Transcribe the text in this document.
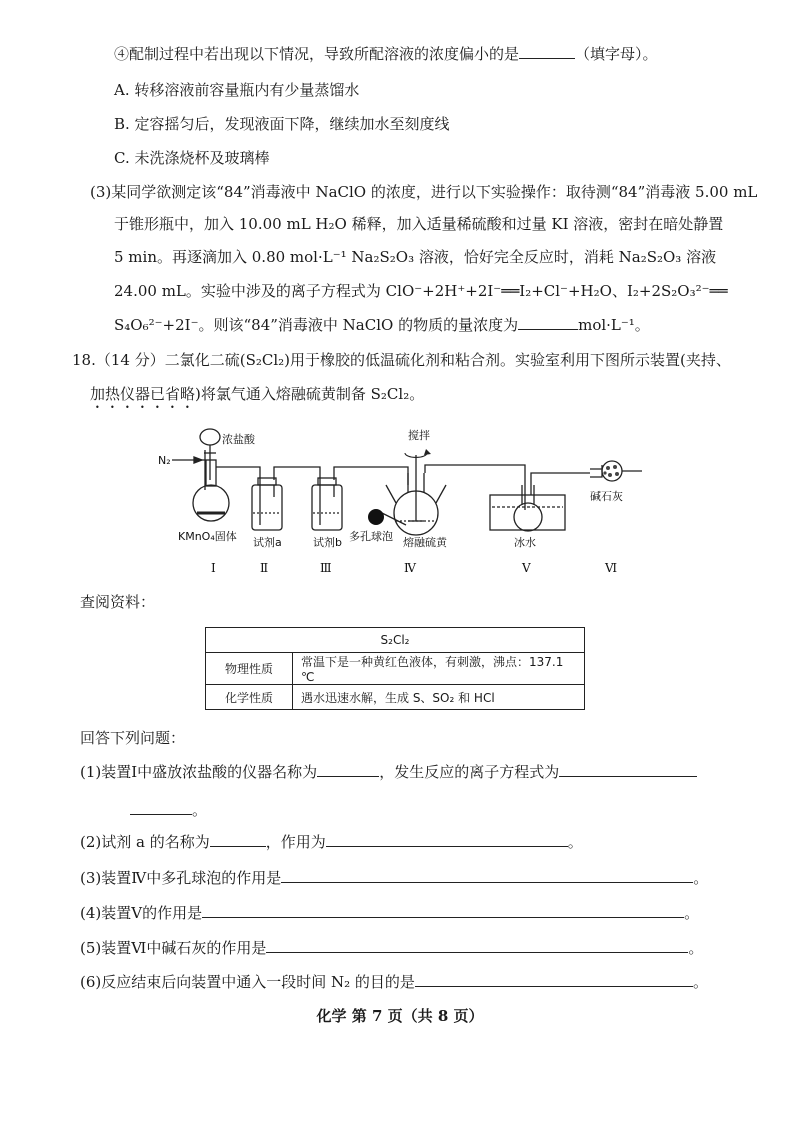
④配制过程中若出现以下情况，导致所配溶液的浓度偏小的是	（填字母）。
A. 转移溶液前容量瓶内有少量蒸馏水
B. 定容摇匀后，发现液面下降，继续加水至刻度线
C. 未洗涤烧杯及玻璃棒
(3)某同学欲测定该“84”消毒液中 NaClO 的浓度，进行以下实验操作：取待测“84”消毒液 5.00 mL
于锥形瓶中，加入 10.00 mL H₂O 稀释，加入适量稀硫酸和过量 KI 溶液，密封在暗处静置
5 min。再逐滴加入 0.80 mol·L⁻¹ Na₂S₂O₃ 溶液，恰好完全反应时，消耗 Na₂S₂O₃ 溶液
24.00 mL。实验中涉及的离子方程式为 ClO⁻+2H⁺+2I⁻══I₂+Cl⁻+H₂O、I₂+2S₂O₃²⁻══
S₄O₆²⁻+2I⁻。则该“84”消毒液中 NaClO 的物质的量浓度为	mol·L⁻¹。
18.（14 分）二氯化二硫(S₂Cl₂)用于橡胶的低温硫化剂和粘合剂。实验室利用下图所示装置(夹持、
加热仪器已省略)将氯气通入熔融硫黄制备 S₂Cl₂。
N₂
浓盐酸
KMnO₄固体 试剂a	试剂b
搅拌
多孔球泡 熔融硫黄	冰水
碱石灰
Ⅰ	Ⅱ	Ⅲ	Ⅳ	Ⅴ	Ⅵ
查阅资料：
S₂Cl₂	
物理性质	常温下是一种黄红色液体，有刺激，沸点：137.1 ℃
化学性质	遇水迅速水解，生成 S、SO₂ 和 HCl
回答下列问题：
(1)装置Ⅰ中盛放浓盐酸的仪器名称为	，发生反应的离子方程式为
。
(2)试剂 a 的名称为	，作用为	。
(3)装置Ⅳ中多孔球泡的作用是	。
(4)装置Ⅴ的作用是	。
(5)装置Ⅵ中碱石灰的作用是	。
(6)反应结束后向装置中通入一段时间 N₂ 的目的是	。
化学 第 7 页（共 8 页）
